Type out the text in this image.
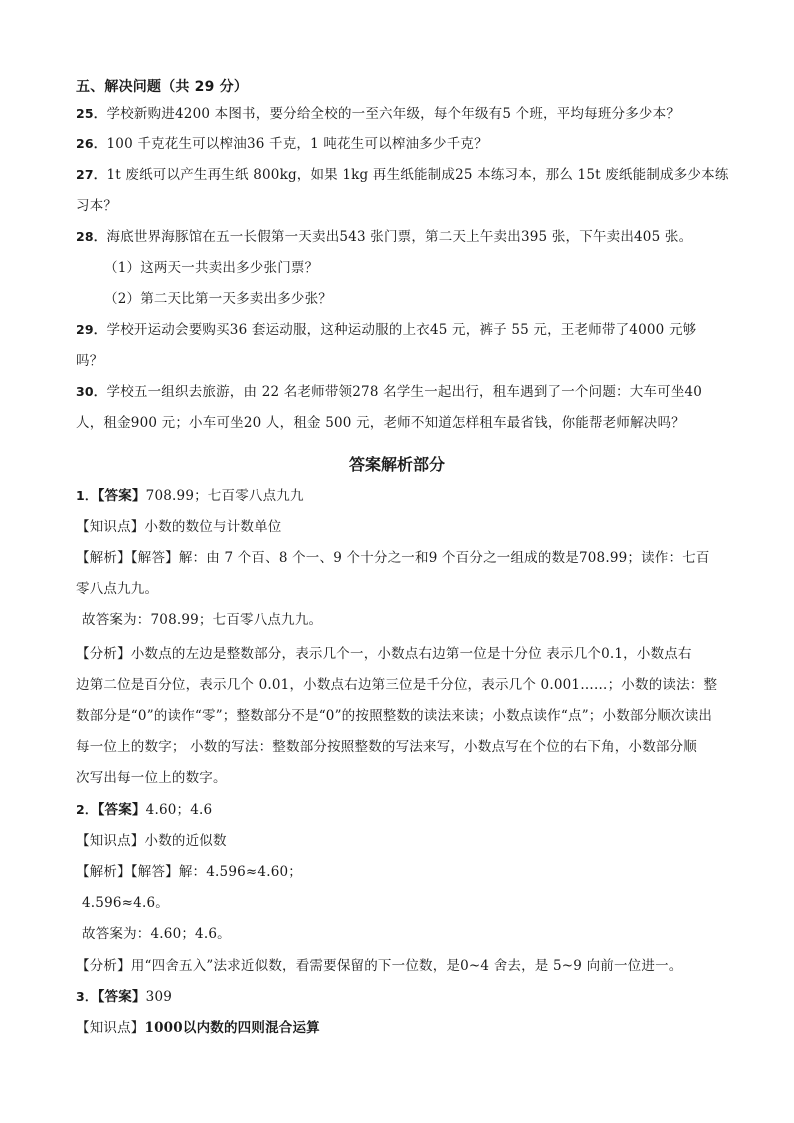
五、解决问题（共 29 分）
25．学校新购进4200 本图书，要分给全校的一至六年级，每个年级有5 个班，平均每班分多少本？
26．100 千克花生可以榨油36 千克，1 吨花生可以榨油多少千克？
27．1t 废纸可以产生再生纸 800kg，如果 1kg 再生纸能制成25 本练习本，那么 15t 废纸能制成多少本练
习本？
28．海底世界海豚馆在五一长假第一天卖出543 张门票，第二天上午卖出395 张，下午卖出405 张。
（1）这两天一共卖出多少张门票？
（2）第二天比第一天多卖出多少张？
29．学校开运动会要购买36 套运动服，这种运动服的上衣45 元，裤子 55 元，王老师带了4000 元够
吗？
30．学校五一组织去旅游，由 22 名老师带领278 名学生一起出行，租车遇到了一个问题：大车可坐40
人，租金900 元；小车可坐20 人，租金 500 元，老师不知道怎样租车最省钱，你能帮老师解决吗？
答案解析部分
1．【答案】708.99；七百零八点九九
【知识点】小数的数位与计数单位
【解析】【解答】解：由 7 个百、8 个一、9 个十分之一和9 个百分之一组成的数是708.99；读作：七百
零八点九九。
故答案为：708.99；七百零八点九九。
【分析】小数点的左边是整数部分，表示几个一，小数点右边第一位是十分位 表示几个0.1，小数点右
边第二位是百分位，表示几个 0.01，小数点右边第三位是千分位，表示几个 0.001……；小数的读法：整
数部分是“0”的读作“零”；整数部分不是“0”的按照整数的读法来读；小数点读作“点”；小数部分顺次读出
每一位上的数字； 小数的写法：整数部分按照整数的写法来写，小数点写在个位的右下角，小数部分顺
次写出每一位上的数字。
2．【答案】4.60；4.6
【知识点】小数的近似数
【解析】【解答】解：4.596≈4.60；
4.596≈4.6。
故答案为：4.60；4.6。
【分析】用“四舍五入”法求近似数，看需要保留的下一位数，是0~4 舍去，是 5~9 向前一位进一。
3．【答案】309
【知识点】1000以内数的四则混合运算
